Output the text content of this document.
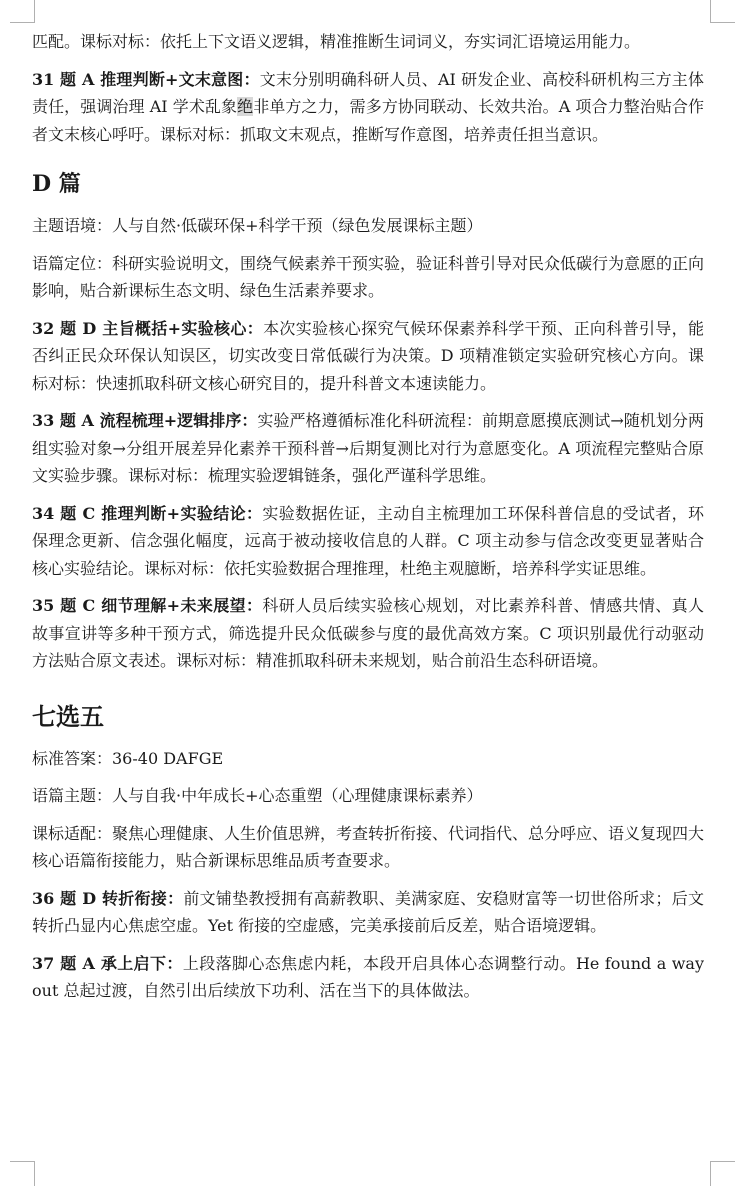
匹配。课标对标：依托上下文语义逻辑，精准推断生词词义，夯实词汇语境运用能力。

31 题 A 推理判断+文末意图：文末分别明确科研人员、AI 研发企业、高校科研机构三方主体责任，强调治理 AI 学术乱象绝非单方之力，需多方协同联动、长效共治。A 项合力整治贴合作者文末核心呼吁。课标对标：抓取文末观点，推断写作意图，培养责任担当意识。

D 篇

主题语境：人与自然·低碳环保+科学干预（绿色发展课标主题）

语篇定位：科研实验说明文，围绕气候素养干预实验，验证科普引导对民众低碳行为意愿的正向影响，贴合新课标生态文明、绿色生活素养要求。

32 题 D 主旨概括+实验核心：本次实验核心探究气候环保素养科学干预、正向科普引导，能否纠正民众环保认知误区，切实改变日常低碳行为决策。D 项精准锁定实验研究核心方向。课标对标：快速抓取科研文核心研究目的，提升科普文本速读能力。

33 题 A 流程梳理+逻辑排序：实验严格遵循标准化科研流程：前期意愿摸底测试→随机划分两组实验对象→分组开展差异化素养干预科普→后期复测比对行为意愿变化。A 项流程完整贴合原文实验步骤。课标对标：梳理实验逻辑链条，强化严谨科学思维。

34 题 C 推理判断+实验结论：实验数据佐证，主动自主梳理加工环保科普信息的受试者，环保理念更新、信念强化幅度，远高于被动接收信息的人群。C 项主动参与信念改变更显著贴合核心实验结论。课标对标：依托实验数据合理推理，杜绝主观臆断，培养科学实证思维。

35 题 C 细节理解+未来展望：科研人员后续实验核心规划，对比素养科普、情感共情、真人故事宣讲等多种干预方式，筛选提升民众低碳参与度的最优高效方案。C 项识别最优行动驱动方法贴合原文表述。课标对标：精准抓取科研未来规划，贴合前沿生态科研语境。

七选五

标准答案：36-40 DAFGE

语篇主题：人与自我·中年成长+心态重塑（心理健康课标素养）

课标适配：聚焦心理健康、人生价值思辨，考查转折衔接、代词指代、总分呼应、语义复现四大核心语篇衔接能力，贴合新课标思维品质考查要求。

36 题 D 转折衔接：前文铺垫教授拥有高薪教职、美满家庭、安稳财富等一切世俗所求；后文转折凸显内心焦虑空虚。Yet 衔接的空虚感，完美承接前后反差，贴合语境逻辑。

37 题 A 承上启下：上段落脚心态焦虑内耗，本段开启具体心态调整行动。He found a way out 总起过渡，自然引出后续放下功利、活在当下的具体做法。
